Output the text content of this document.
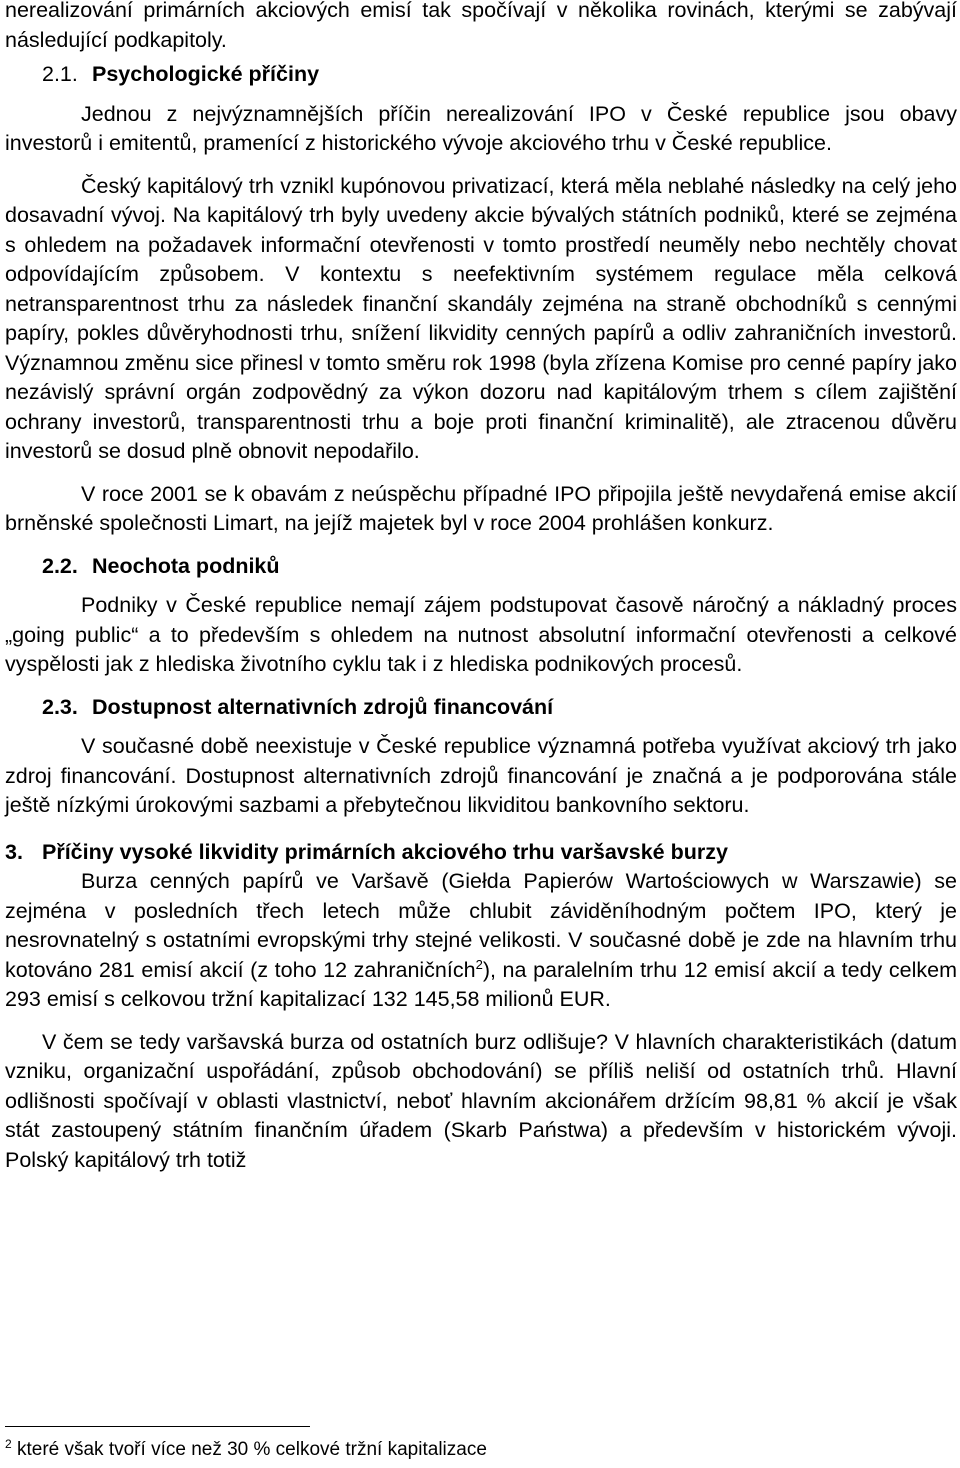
nerealizování primárních akciových emisí tak spočívají v několika rovinách, kterými se zabývají následující podkapitoly.

2.1. Psychologické příčiny

Jednou z nejvýznamnějších příčin nerealizování IPO v České republice jsou obavy investorů i emitentů, pramenící z historického vývoje akciového trhu v České republice.

Český kapitálový trh vznikl kupónovou privatizací, která měla neblahé následky na celý jeho dosavadní vývoj. Na kapitálový trh byly uvedeny akcie bývalých státních podniků, které se zejména s ohledem na požadavek informační otevřenosti v tomto prostředí neuměly nebo nechtěly chovat odpovídajícím způsobem. V kontextu s neefektivním systémem regulace měla celková netransparentnost trhu za následek finanční skandály zejména na straně obchodníků s cennými papíry, pokles důvěryhodnosti trhu, snížení likvidity cenných papírů a odliv zahraničních investorů. Významnou změnu sice přinesl v tomto směru rok 1998 (byla zřízena Komise pro cenné papíry jako nezávislý správní orgán zodpovědný za výkon dozoru nad kapitálovým trhem s cílem zajištění ochrany investorů, transparentnosti trhu a boje proti finanční kriminalitě), ale ztracenou důvěru investorů se dosud plně obnovit nepodařilo.

V roce 2001 se k obavám z neúspěchu případné IPO připojila ještě nevydařená emise akcií brněnské společnosti Limart, na jejíž majetek byl v roce 2004 prohlášen konkurz.

2.2. Neochota podniků

Podniky v České republice nemají zájem podstupovat časově náročný a nákladný proces „going public“ a to především s ohledem na nutnost absolutní informační otevřenosti a celkové vyspělosti jak z hlediska životního cyklu tak i z hlediska podnikových procesů.

2.3. Dostupnost alternativních zdrojů financování

V současné době neexistuje v České republice významná potřeba využívat akciový trh jako zdroj financování. Dostupnost alternativních zdrojů financování je značná a je podporována stále ještě nízkými úrokovými sazbami a přebytečnou likviditou bankovního sektoru.

3. Příčiny vysoké likvidity primárních akciového trhu varšavské burzy

Burza cenných papírů ve Varšavě (Giełda Papierów Wartościowych w Warszawie) se zejména v posledních třech letech může chlubit záviděníhodným počtem IPO, který je nesrovnatelný s ostatními evropskými trhy stejné velikosti. V současné době je zde na hlavním trhu kotováno 281 emisí akcií (z toho 12 zahraničních$^2$), na paralelním trhu 12 emisí akcií a tedy celkem 293 emisí s celkovou tržní kapitalizací 132 145,58 milionů EUR.

V čem se tedy varšavská burza od ostatních burz odlišuje? V hlavních charakteristikách (datum vzniku, organizační uspořádání, způsob obchodování) se příliš neliší od ostatních trhů. Hlavní odlišnosti spočívají v oblasti vlastnictví, neboť hlavním akcionářem držícím 98,81 % akcií je však stát zastoupený státním finančním úřadem (Skarb Państwa) a především v historickém vývoji. Polský kapitálový trh totiž

$^2$ které však tvoří více než 30 % celkové tržní kapitalizace
